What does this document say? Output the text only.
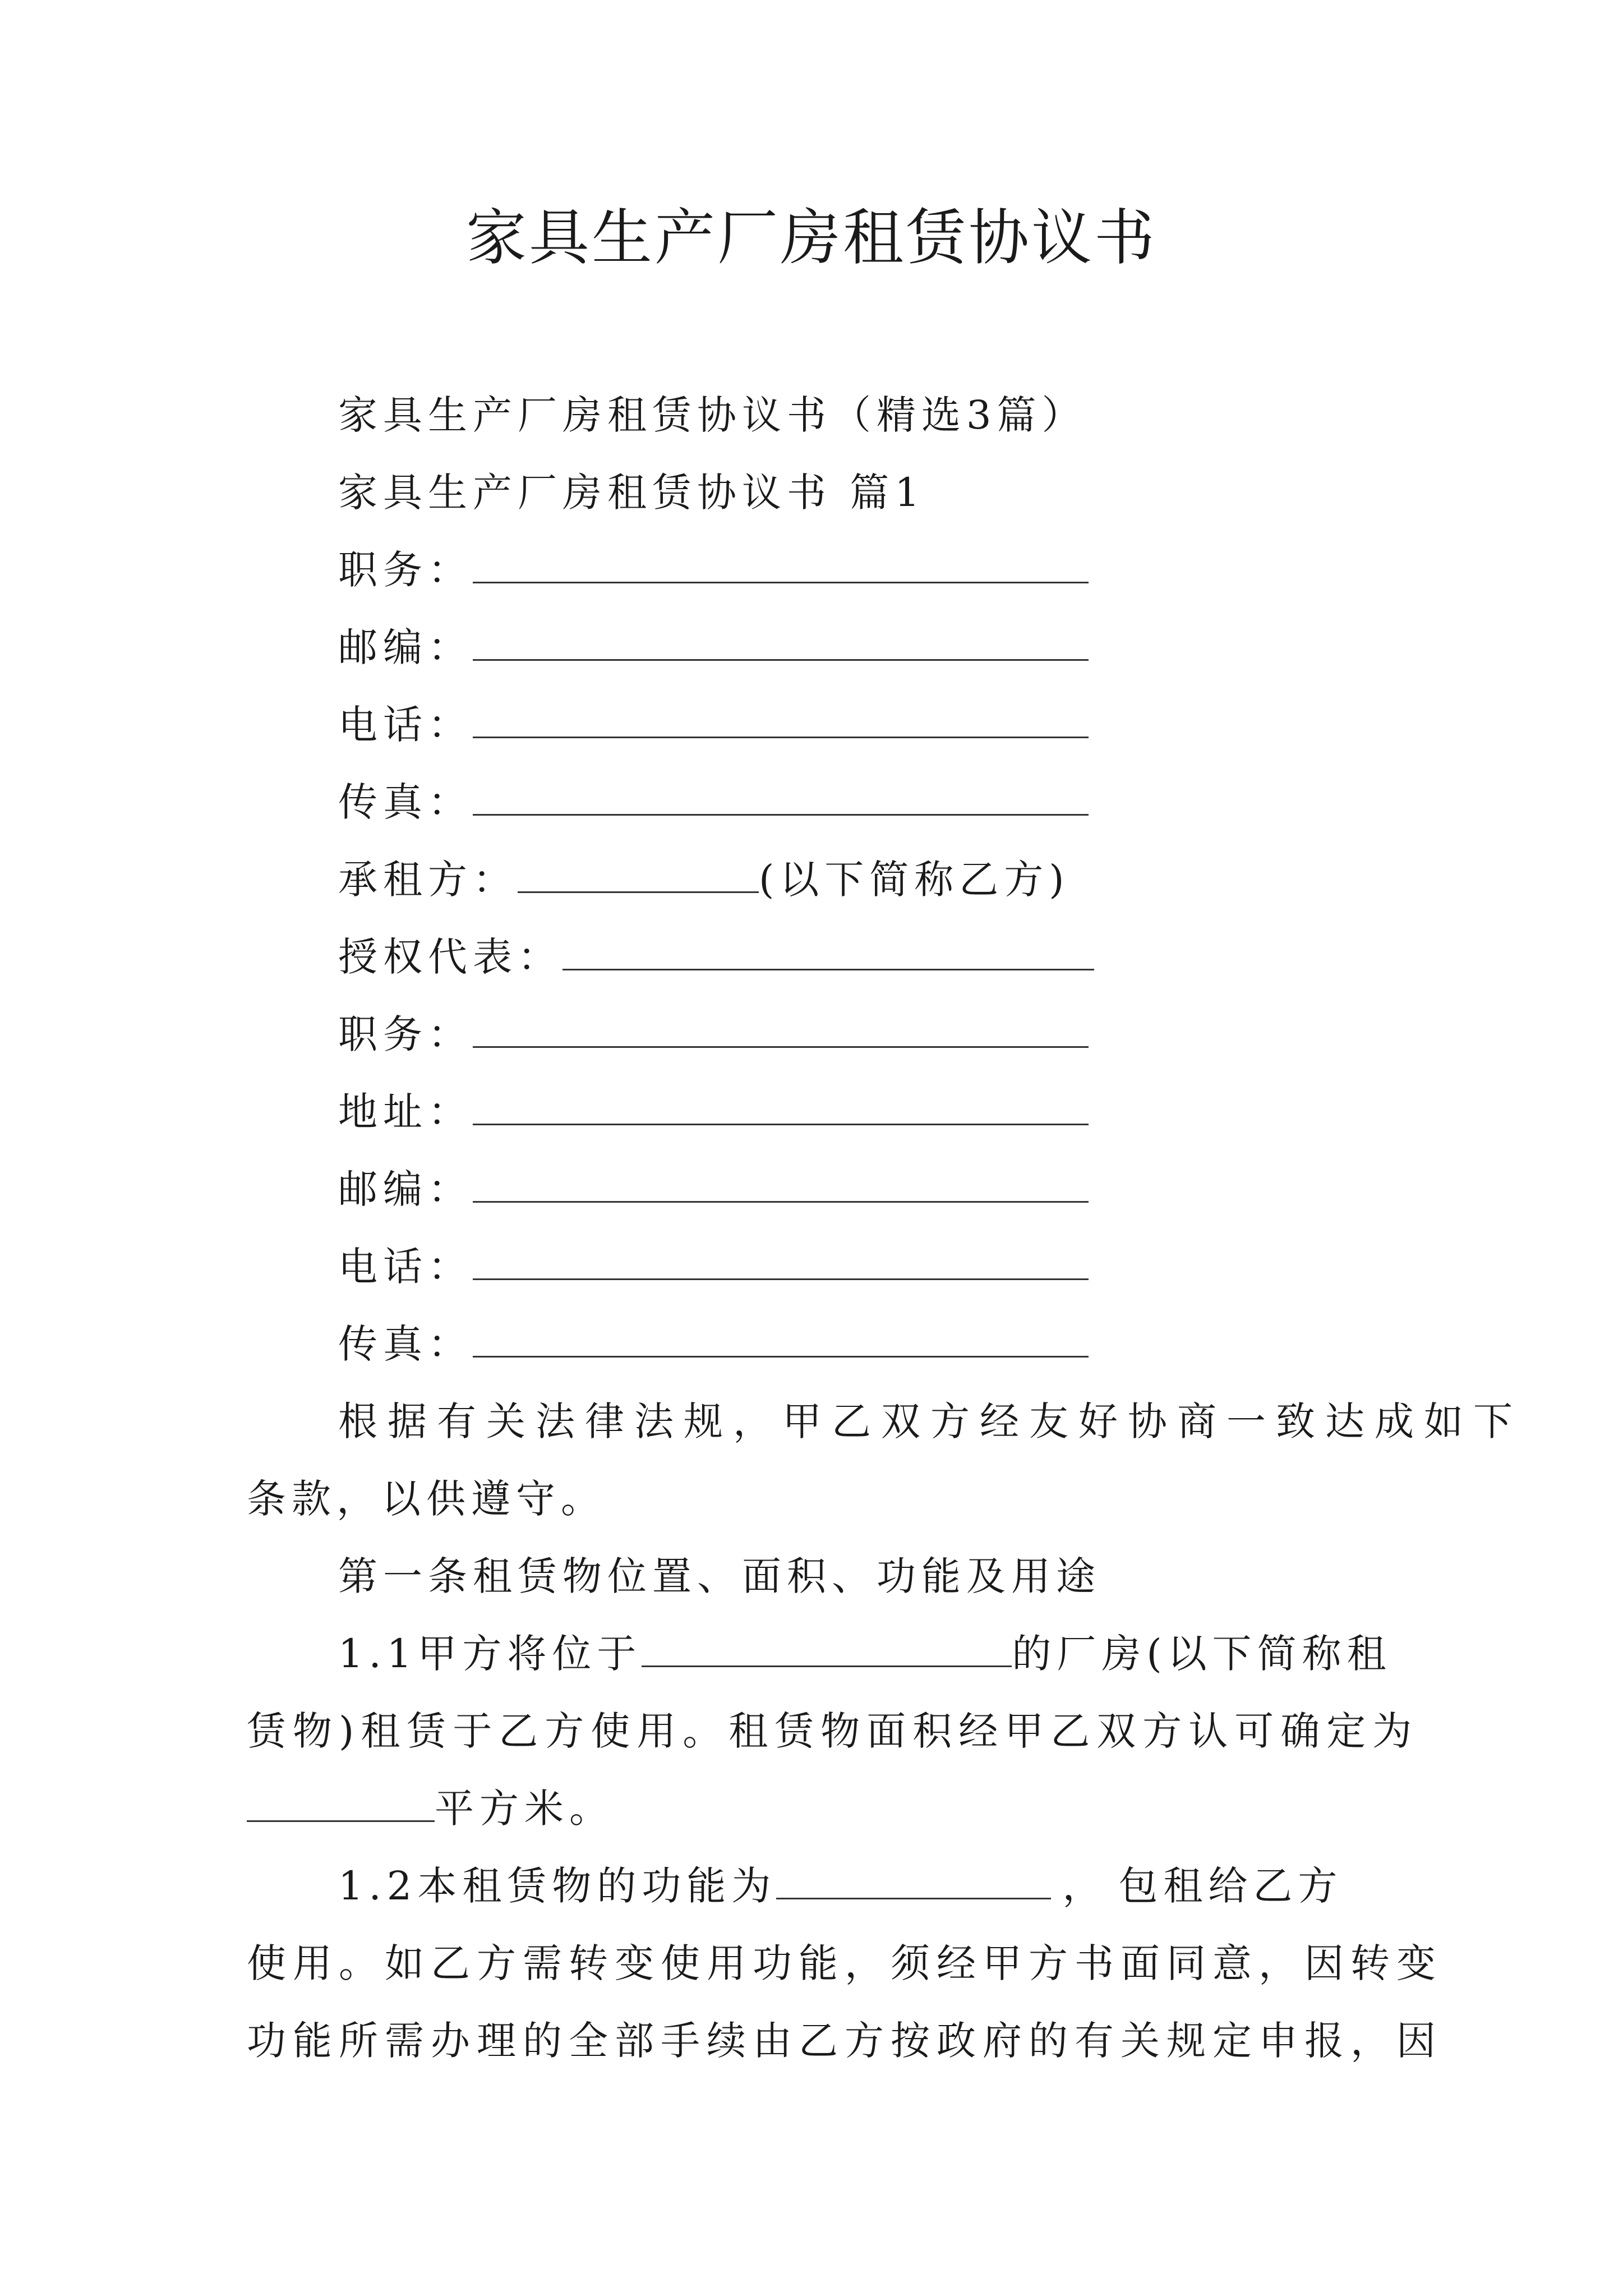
家具生产厂房租赁协议书
家具生产厂房租赁协议书（精选3篇）
家具生产厂房租赁协议书 篇1
职务：
邮编：
电话：
传真：
承租方：	(以下简称乙方)
授权代表：
职务：
地址：
邮编：
电话：
传真：
根据有关法律法规，甲乙双方经友好协商一致达成如下
条款，以供遵守。
第一条租赁物位置、面积、功能及用途
1.1甲方将位于	的厂房(以下简称租
赁物)租赁于乙方使用。租赁物面积经甲乙双方认可确定为
平方米。
1.2本租赁物的功能为	， 包租给乙方
使用。如乙方需转变使用功能，须经甲方书面同意，因转变
功能所需办理的全部手续由乙方按政府的有关规定申报，因
